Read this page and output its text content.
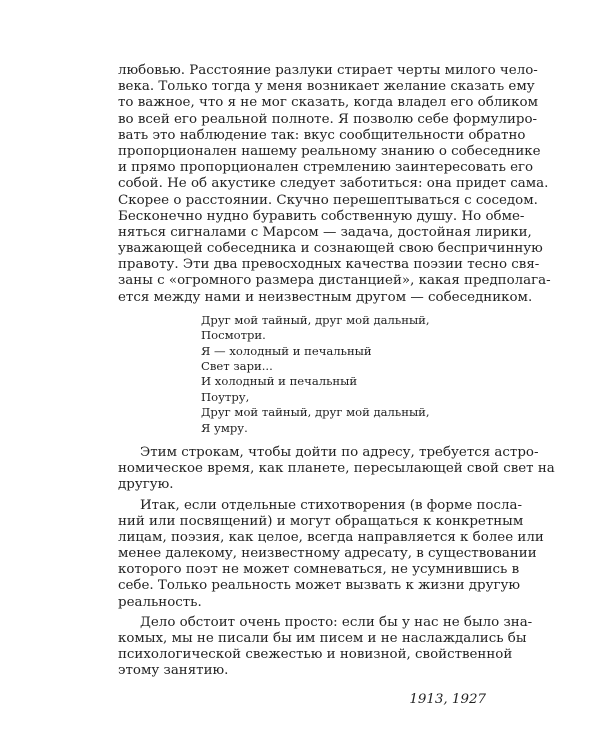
любовью. Расстояние разлуки стирает черты милого чело-
века. Только тогда у меня возникает желание сказать ему
то важное, что я не мог сказать, когда владел его обликом
во всей его реальной полноте. Я позволю себе формулиро-
вать это наблюдение так: вкус сообщительности обратно
пропорционален нашему реальному знанию о собеседнике
и прямо пропорционален стремлению заинтересовать его
собой. Не об акустике следует заботиться: она придет сама.
Скорее о расстоянии. Скучно перешептываться с соседом.
Бесконечно нудно буравить собственную душу. Но обме-
няться сигналами с Марсом — задача, достойная лирики,
уважающей собеседника и сознающей свою беспричинную
правоту. Эти два превосходных качества поэзии тесно свя-
заны с «огромного размера дистанцией», какая предполага-
ется между нами и неизвестным другом — собеседником.
Друг мой тайный, друг мой дальный,
Посмотри.
Я — холодный и печальный
Свет зари...
И холодный и печальный
Поутру,
Друг мой тайный, друг мой дальный,
Я умру.
Этим строкам, чтобы дойти по адресу, требуется астро-
номическое время, как планете, пересылающей свой свет на
другую.
Итак, если отдельные стихотворения (в форме посла-
ний или посвящений) и могут обращаться к конкретным
лицам, поэзия, как целое, всегда направляется к более или
менее далекому, неизвестному адресату, в существовании
которого поэт не может сомневаться, не усумнившись в
себе. Только реальность может вызвать к жизни другую
реальность.
Дело обстоит очень просто: если бы у нас не было зна-
комых, мы не писали бы им писем и не наслаждались бы
психологической свежестью и новизной, свойственной
этому занятию.
1913, 1927
